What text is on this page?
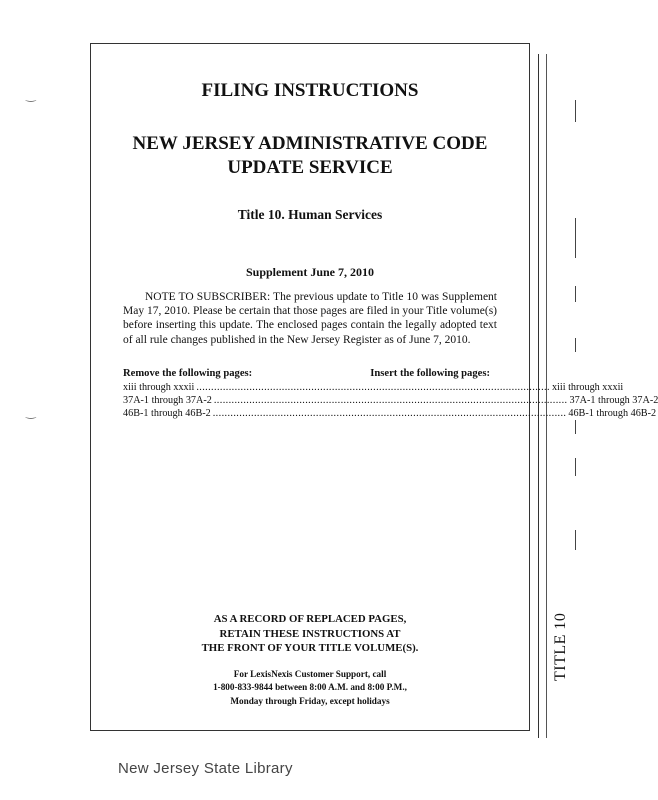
‿
‿
TITLE 10
FILING INSTRUCTIONS
NEW JERSEY ADMINISTRATIVE CODE
UPDATE SERVICE
Title 10. Human Services
Supplement June 7, 2010
NOTE TO SUBSCRIBER: The previous update to Title 10 was Supplement May 17, 2010. Please be certain that those pages are filed in your Title volume(s) before inserting this update. The enclosed pages contain the legally adopted text of all rule changes published in the New Jersey Register as of June 7, 2010.
Remove the following pages:	Insert the following pages:
xiii through xxxii ........................................................................................................................ xiii through xxxii
37A-1 through 37A-2 ........................................................................................................................ 37A-1 through 37A-2
46B-1 through 46B-2 ........................................................................................................................ 46B-1 through 46B-2
AS A RECORD OF REPLACED PAGES,
RETAIN THESE INSTRUCTIONS AT
THE FRONT OF YOUR TITLE VOLUME(S).
For LexisNexis Customer Support, call
1-800-833-9844 between 8:00 A.M. and 8:00 P.M.,
Monday through Friday, except holidays
New Jersey State Library
